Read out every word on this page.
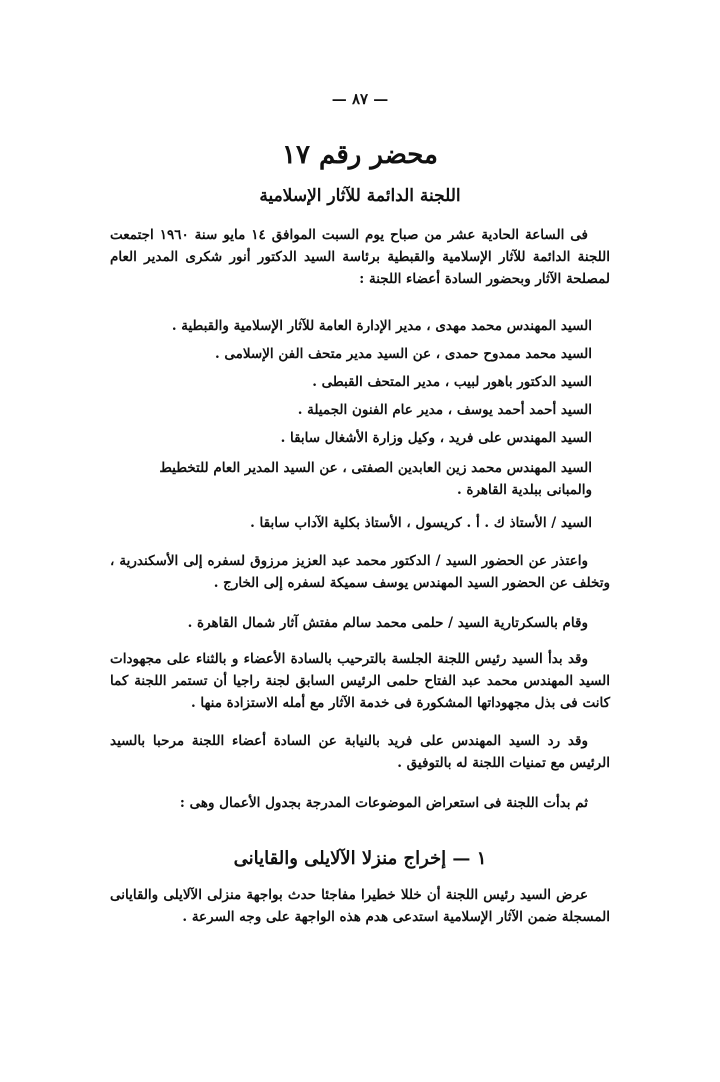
— ٨٧ —
محضر رقم ١٧
اللجنة الدائمة للآثار الإسلامية

فى الساعة الحادية عشر من صباح يوم السبت الموافق ١٤ مايو سنة ١٩٦٠ اجتمعت اللجنة الدائمة للآثار الإسلامية والقبطية برئاسة السيد الدكتور أنور شكرى المدير العام لمصلحة الآثار وبحضور السادة أعضاء اللجنة :

السيد المهندس محمد مهدى ، مدير الإدارة العامة للآثار الإسلامية والقبطية .
السيد محمد ممدوح حمدى ، عن السيد مدير متحف الفن الإسلامى .
السيد الدكتور باهور لبيب ، مدير المتحف القبطى .
السيد أحمد أحمد يوسف ، مدير عام الفنون الجميلة .
السيد المهندس على فريد ، وكيل وزارة الأشغال سابقا .
السيد المهندس محمد زين العابدين الصفتى ، عن السيد المدير العام للتخطيط والمبانى ببلدية القاهرة .
السيد / الأستاذ ك . أ . كريسول ، الأستاذ بكلية الآداب سابقا .

واعتذر عن الحضور السيد / الدكتور محمد عبد العزيز مرزوق لسفره إلى الأسكندرية ، وتخلف عن الحضور السيد المهندس يوسف سميكة لسفره إلى الخارج .

وقام بالسكرتارية السيد / حلمى محمد سالم مفتش آثار شمال القاهرة .

وقد بدأ السيد رئيس اللجنة الجلسة بالترحيب بالسادة الأعضاء و بالثناء على مجهودات السيد المهندس محمد عبد الفتاح حلمى الرئيس السابق لجنة راجيا أن تستمر اللجنة كما كانت فى بذل مجهوداتها المشكورة فى خدمة الآثار مع أمله الاستزادة منها .

وقد رد السيد المهندس على فريد بالنيابة عن السادة أعضاء اللجنة مرحبا بالسيد الرئيس مع تمنيات اللجنة له بالتوفيق .

ثم بدأت اللجنة فى استعراض الموضوعات المدرجة بجدول الأعمال وهى :

١ — إخراج منزلا الآلايلى والقايانى

عرض السيد رئيس اللجنة أن خللا خطيرا مفاجئا حدث بواجهة منزلى الآلايلى والقايانى المسجلة ضمن الآثار الإسلامية استدعى هدم هذه الواجهة على وجه السرعة .
